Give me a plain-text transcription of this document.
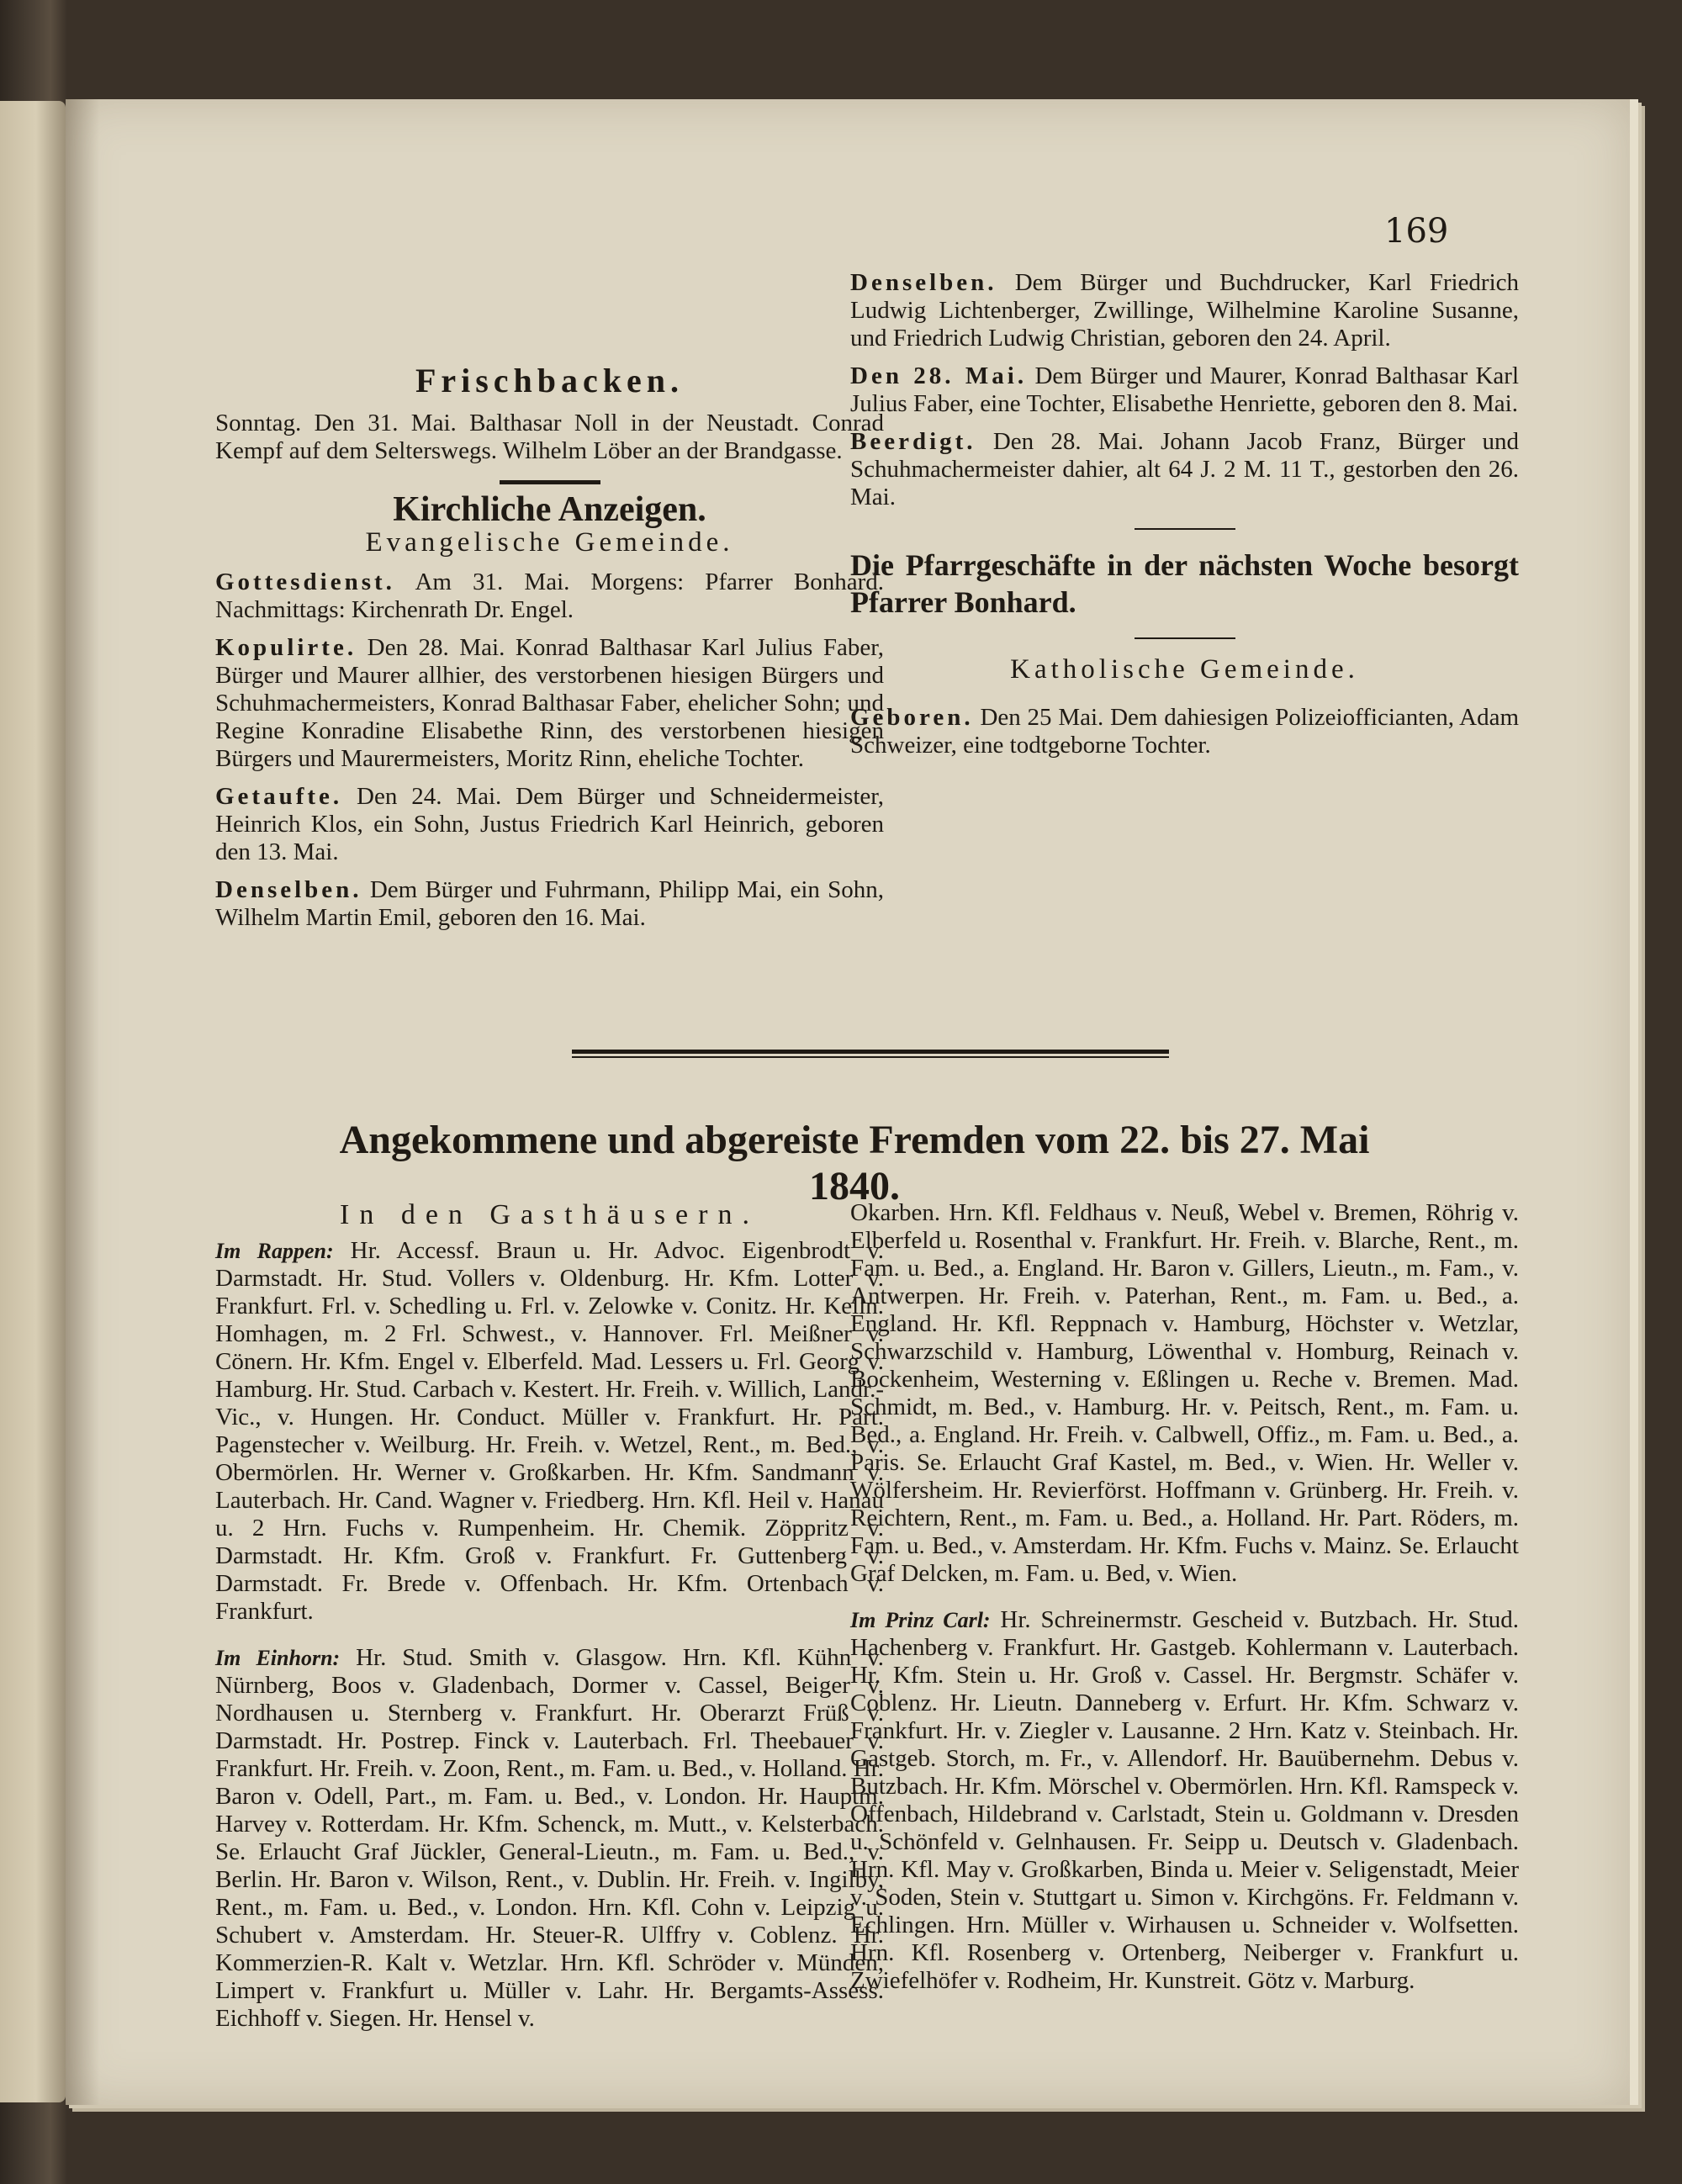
169
Frischbacken.

Sonntag. Den 31. Mai. Balthasar Noll in der Neustadt. Conrad Kempf auf dem Selterswegs. Wilhelm Löber an der Brandgasse.

Kirchliche Anzeigen.
Evangelische Gemeinde.

Gottesdienst. Am 31. Mai. Morgens: Pfarrer Bonhard. Nachmittags: Kirchenrath Dr. Engel.

Kopulirte. Den 28. Mai. Konrad Balthasar Karl Julius Faber, Bürger und Maurer allhier, des verstorbenen hiesigen Bürgers und Schuhmachermeisters, Konrad Balthasar Faber, ehelicher Sohn; und Regine Konradine Elisabethe Rinn, des verstorbenen hiesigen Bürgers und Maurermeisters, Moritz Rinn, eheliche Tochter.

Getaufte. Den 24. Mai. Dem Bürger und Schneidermeister, Heinrich Klos, ein Sohn, Justus Friedrich Karl Heinrich, geboren den 13. Mai.

Denselben. Dem Bürger und Fuhrmann, Philipp Mai, ein Sohn, Wilhelm Martin Emil, geboren den 16. Mai.

Denselben. Dem Bürger und Buchdrucker, Karl Friedrich Ludwig Lichtenberger, Zwillinge, Wilhelmine Karoline Susanne, und Friedrich Ludwig Christian, geboren den 24. April.

Den 28. Mai. Dem Bürger und Maurer, Konrad Balthasar Karl Julius Faber, eine Tochter, Elisabethe Henriette, geboren den 8. Mai.

Beerdigt. Den 28. Mai. Johann Jacob Franz, Bürger und Schuhmachermeister dahier, alt 64 J. 2 M. 11 T., gestorben den 26. Mai.

Die Pfarrgeschäfte in der nächsten Woche besorgt Pfarrer Bonhard.

Katholische Gemeinde.

Geboren. Den 25 Mai. Dem dahiesigen Polizeiofficianten, Adam Schweizer, eine todtgeborne Tochter.

Angekommene und abgereiste Fremden vom 22. bis 27. Mai 1840.
In den Gasthäusern.

Im Rappen: Hr. Accessf. Braun u. Hr. Advoc. Eigenbrodt v. Darmstadt. Hr. Stud. Vollers v. Oldenburg. Hr. Kfm. Lotter v. Frankfurt. Frl. v. Schedling u. Frl. v. Zelowke v. Conitz. Hr. Kelln. Homhagen, m. 2 Frl. Schwest., v. Hannover. Frl. Meißner v. Cönern. Hr. Kfm. Engel v. Elberfeld. Mad. Lessers u. Frl. Georg v. Hamburg. Hr. Stud. Carbach v. Kestert. Hr. Freih. v. Willich, Landr.-Vic., v. Hungen. Hr. Conduct. Müller v. Frankfurt. Hr. Part. Pagenstecher v. Weilburg. Hr. Freih. v. Wetzel, Rent., m. Bed., v. Obermörlen. Hr. Werner v. Großkarben. Hr. Kfm. Sandmann v. Lauterbach. Hr. Cand. Wagner v. Friedberg. Hrn. Kfl. Heil v. Hanau u. 2 Hrn. Fuchs v. Rumpenheim. Hr. Chemik. Zöppritz v. Darmstadt. Hr. Kfm. Groß v. Frankfurt. Fr. Guttenberg v. Darmstadt. Fr. Brede v. Offenbach. Hr. Kfm. Ortenbach v. Frankfurt.

Im Einhorn: Hr. Stud. Smith v. Glasgow. Hrn. Kfl. Kühn v. Nürnberg, Boos v. Gladenbach, Dormer v. Cassel, Beiger v. Nordhausen u. Sternberg v. Frankfurt. Hr. Oberarzt Früß v. Darmstadt. Hr. Postrep. Finck v. Lauterbach. Frl. Theebauer v. Frankfurt. Hr. Freih. v. Zoon, Rent., m. Fam. u. Bed., v. Holland. Hr. Baron v. Odell, Part., m. Fam. u. Bed., v. London. Hr. Hauptm. Harvey v. Rotterdam. Hr. Kfm. Schenck, m. Mutt., v. Kelsterbach. Se. Erlaucht Graf Jückler, General-Lieutn., m. Fam. u. Bed., v. Berlin. Hr. Baron v. Wilson, Rent., v. Dublin. Hr. Freih. v. Ingilby, Rent., m. Fam. u. Bed., v. London. Hrn. Kfl. Cohn v. Leipzig u. Schubert v. Amsterdam. Hr. Steuer-R. Ulffry v. Coblenz. Hr. Kommerzien-R. Kalt v. Wetzlar. Hrn. Kfl. Schröder v. Münden, Limpert v. Frankfurt u. Müller v. Lahr. Hr. Bergamts-Assess. Eichhoff v. Siegen. Hr. Hensel v.

Okarben. Hrn. Kfl. Feldhaus v. Neuß, Webel v. Bremen, Röhrig v. Elberfeld u. Rosenthal v. Frankfurt. Hr. Freih. v. Blarche, Rent., m. Fam. u. Bed., a. England. Hr. Baron v. Gillers, Lieutn., m. Fam., v. Antwerpen. Hr. Freih. v. Paterhan, Rent., m. Fam. u. Bed., a. England. Hr. Kfl. Reppnach v. Hamburg, Höchster v. Wetzlar, Schwarzschild v. Hamburg, Löwenthal v. Homburg, Reinach v. Bockenheim, Westerning v. Eßlingen u. Reche v. Bremen. Mad. Schmidt, m. Bed., v. Hamburg. Hr. v. Peitsch, Rent., m. Fam. u. Bed., a. England. Hr. Freih. v. Calbwell, Offiz., m. Fam. u. Bed., a. Paris. Se. Erlaucht Graf Kastel, m. Bed., v. Wien. Hr. Weller v. Wölfersheim. Hr. Revierförst. Hoffmann v. Grünberg. Hr. Freih. v. Reichtern, Rent., m. Fam. u. Bed., a. Holland. Hr. Part. Röders, m. Fam. u. Bed., v. Amsterdam. Hr. Kfm. Fuchs v. Mainz. Se. Erlaucht Graf Delcken, m. Fam. u. Bed, v. Wien.

Im Prinz Carl: Hr. Schreinermstr. Gescheid v. Butzbach. Hr. Stud. Hachenberg v. Frankfurt. Hr. Gastgeb. Kohlermann v. Lauterbach. Hr. Kfm. Stein u. Hr. Groß v. Cassel. Hr. Bergmstr. Schäfer v. Coblenz. Hr. Lieutn. Danneberg v. Erfurt. Hr. Kfm. Schwarz v. Frankfurt. Hr. v. Ziegler v. Lausanne. 2 Hrn. Katz v. Steinbach. Hr. Gastgeb. Storch, m. Fr., v. Allendorf. Hr. Bauübernehm. Debus v. Butzbach. Hr. Kfm. Mörschel v. Obermörlen. Hrn. Kfl. Ramspeck v. Offenbach, Hildebrand v. Carlstadt, Stein u. Goldmann v. Dresden u. Schönfeld v. Gelnhausen. Fr. Seipp u. Deutsch v. Gladenbach. Hrn. Kfl. May v. Großkarben, Binda u. Meier v. Seligenstadt, Meier v. Soden, Stein v. Stuttgart u. Simon v. Kirchgöns. Fr. Feldmann v. Echlingen. Hrn. Müller v. Wirhausen u. Schneider v. Wolfsetten. Hrn. Kfl. Rosenberg v. Ortenberg, Neiberger v. Frankfurt u. Zwiefelhöfer v. Rodheim, Hr. Kunstreit. Götz v. Marburg.
